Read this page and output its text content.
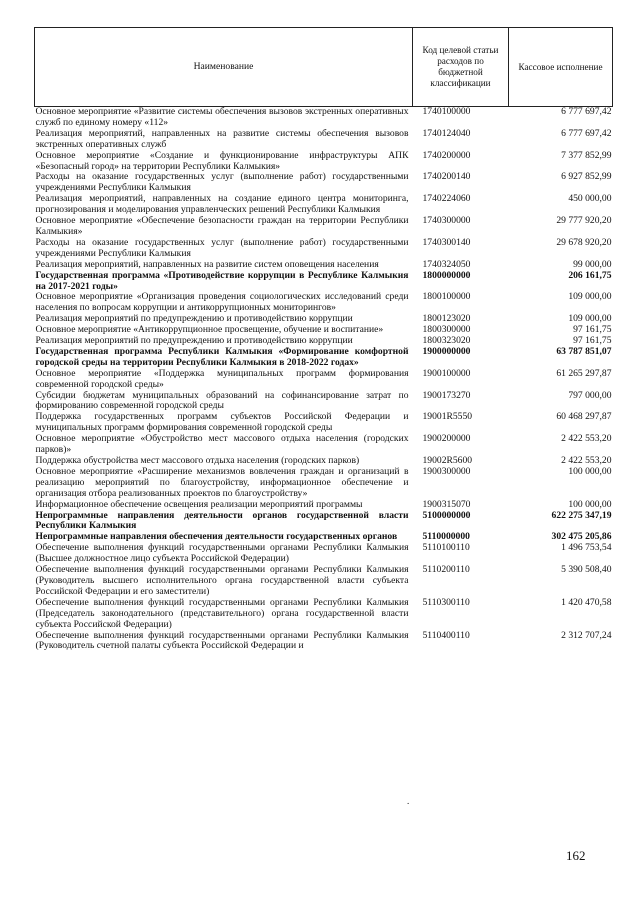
Наименование	Код целевой статьи расходов по бюджетной классификации	Кассовое исполнение
Основное мероприятие «Развитие системы обеспечения вызовов экстренных оперативных служб по единому номеру «112»	1740100000	6 777 697,42
Реализация мероприятий, направленных на развитие системы обеспечения вызовов экстренных оперативных служб	1740124040	6 777 697,42
Основное мероприятие «Создание и функционирование инфраструктуры АПК «Безопасный город» на территории Республики Калмыкия»	1740200000	7 377 852,99
Расходы на оказание государственных услуг (выполнение работ) государственными учреждениями Республики Калмыкия	1740200140	6 927 852,99
Реализация мероприятий, направленных на создание единого центра мониторинга, прогнозирования и моделирования управленческих решений Республики Калмыкия	1740224060	450 000,00
Основное мероприятие «Обеспечение безопасности граждан на территории Республики Калмыкия»	1740300000	29 777 920,20
Расходы на оказание государственных услуг (выполнение работ) государственными учреждениями Республики Калмыкия	1740300140	29 678 920,20
Реализация мероприятий, направленных на развитие систем оповещения населения	1740324050	99 000,00
Государственная программа «Противодействие коррупции в Республике Калмыкия на 2017-2021 годы»	1800000000	206 161,75
Основное мероприятие «Организация проведения социологических исследований среди населения по вопросам коррупции и антикоррупционных мониторингов»	1800100000	109 000,00
Реализация мероприятий по предупреждению и противодействию коррупции	1800123020	109 000,00
Основное мероприятие «Антикоррупционное просвещение, обучение и воспитание»	1800300000	97 161,75
Реализация мероприятий по предупреждению и противодействию коррупции	1800323020	97 161,75
Государственная программа Республики Калмыкия «Формирование комфортной городской среды на территории Республики Калмыкия в 2018-2022 годах»	1900000000	63 787 851,07
Основное мероприятие «Поддержка муниципальных программ формирования современной городской среды»	1900100000	61 265 297,87
Субсидии бюджетам муниципальных образований на софинансирование затрат по формированию современной городской среды	1900173270	797 000,00
Поддержка государственных программ субъектов Российской Федерации и муниципальных программ формирования современной городской среды	19001R5550	60 468 297,87
Основное мероприятие «Обустройство мест массового отдыха населения (городских парков)»	1900200000	2 422 553,20
Поддержка обустройства мест массового отдыха населения (городских парков)	19002R5600	2 422 553,20
Основное мероприятие «Расширение механизмов вовлечения граждан и организаций в реализацию мероприятий по благоустройству, информационное обеспечение и организация отбора реализованных проектов по благоустройству»	1900300000	100 000,00
Информационное обеспечение освещения реализации мероприятий программы	1900315070	100 000,00
Непрограммные направления деятельности органов государственной власти Республики Калмыкия	5100000000	622 275 347,19
Непрограммные направления обеспечения деятельности государственных органов	5110000000	302 475 205,86
Обеспечение выполнения функций государственными органами Республики Калмыкия (Высшее должностное лицо субъекта Российской Федерации)	5110100110	1 496 753,54
Обеспечение выполнения функций государственными органами Республики Калмыкия (Руководитель высшего исполнительного органа государственной власти субъекта Российской Федерации и его заместители)	5110200110	5 390 508,40
Обеспечение выполнения функций государственными органами Республики Калмыкия (Председатель законодательного (представительного) органа государственной власти субъекта Российской Федерации)	5110300110	1 420 470,58
Обеспечение выполнения функций государственными органами Республики Калмыкия (Руководитель счетной палаты субъекта Российской Федерации и	5110400110	2 312 707,24
162
.
